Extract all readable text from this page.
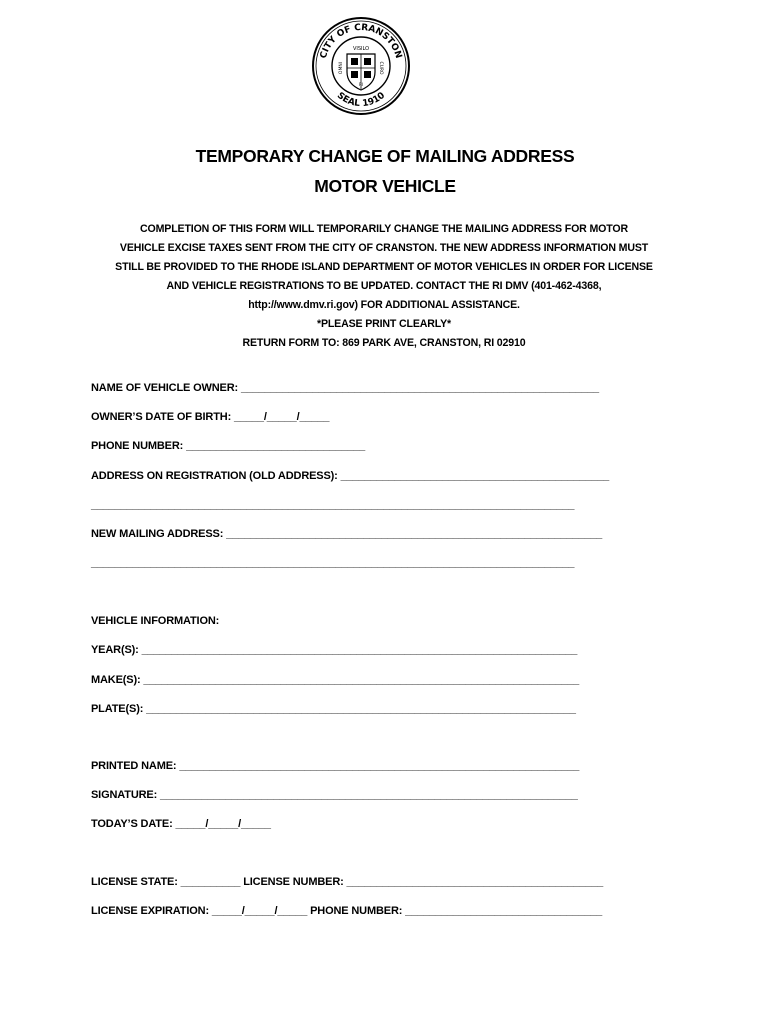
CITY OF CRANSTON
SEAL 1910
VISILO
OMNI	CURO
RI
TEMPORARY CHANGE OF MAILING ADDRESS
MOTOR VEHICLE
COMPLETION OF THIS FORM WILL TEMPORARILY CHANGE THE MAILING ADDRESS FOR MOTOR
VEHICLE EXCISE TAXES SENT FROM THE CITY OF CRANSTON. THE NEW ADDRESS INFORMATION MUST
STILL BE PROVIDED TO THE RHODE ISLAND DEPARTMENT OF MOTOR VEHICLES IN ORDER FOR LICENSE
AND VEHICLE REGISTRATIONS TO BE UPDATED. CONTACT THE RI DMV (401-462-4368,
http://www.dmv.ri.gov) FOR ADDITIONAL ASSISTANCE.
*PLEASE PRINT CLEARLY*
RETURN FORM TO: 869 PARK AVE, CRANSTON, RI 02910
NAME OF VEHICLE OWNER: ____________________________________________________________
OWNER’S DATE OF BIRTH: _____/_____/_____
PHONE NUMBER: ______________________________
ADDRESS ON REGISTRATION (OLD ADDRESS): _____________________________________________
_________________________________________________________________________________
NEW MAILING ADDRESS: _______________________________________________________________
_________________________________________________________________________________
VEHICLE INFORMATION:
YEAR(S): _________________________________________________________________________
MAKE(S): _________________________________________________________________________
PLATE(S): ________________________________________________________________________
PRINTED NAME: ___________________________________________________________________
SIGNATURE: ______________________________________________________________________
TODAY’S DATE: _____/_____/_____
LICENSE STATE: __________ LICENSE NUMBER: ___________________________________________
LICENSE EXPIRATION: _____/_____/_____ PHONE NUMBER: _________________________________
